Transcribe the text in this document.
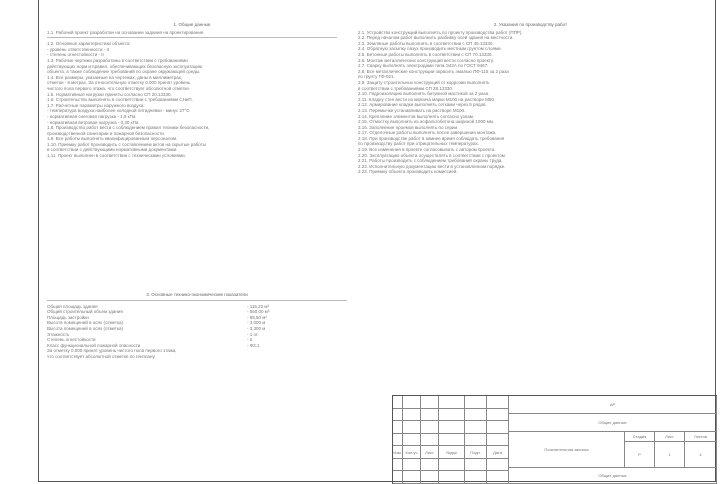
1. Общие данные
1.1. Рабочий проект разработан на основании задания на проектирование
1.2. Основные характеристики объекта:
- уровень ответственности - II
- степень огнестойкости - II
1.3. Рабочие чертежи разработаны в соответствии с требованиями
действующих норм и правил, обеспечивающих безопасную эксплуатацию
объекта, а также соблюдение требований по охране окружающей среды.
1.4. Все размеры, указанные на чертежах, даны в миллиметрах,
отметки - в метрах. За относительную отметку 0.000 принят уровень
чистого пола первого этажа, что соответствует абсолютной отметке.
1.5. Нормативные нагрузки приняты согласно СП 20.13330.
1.6. Строительство выполнять в соответствии с требованиями СНиП.
1.7. Расчетные параметры наружного воздуха:
- температура воздуха наиболее холодной пятидневки - минус 27°С
- нормативная снеговая нагрузка - 1,5 кПа
- нормативная ветровая нагрузка - 0,30 кПа
1.8. Производство работ вести с соблюдением правил техники безопасности,
производственной санитарии и пожарной безопасности.
1.9. Все работы выполнять квалифицированным персоналом.
1.10. Приемку работ производить с составлением актов на скрытые работы
в соответствии с действующими нормативными документами.
1.11. Проект выполнен в соответствии с техническими условиями.
2. Указания по производству работ
2.1. Устройство конструкций выполнять по проекту производства работ (ППР).
2.2. Перед началом работ выполнить разбивку осей здания на местности.
2.3. Земляные работы выполнять в соответствии с СП 45.13330.
2.4. Обратную засыпку пазух производить местным грунтом слоями.
2.5. Бетонные работы выполнять в соответствии с СП 70.13330.
2.6. Монтаж металлических конструкций вести согласно проекту.
2.7. Сварку выполнять электродами типа Э42А по ГОСТ 9467.
2.8. Все металлические конструкции окрасить эмалью ПФ-115 за 2 раза
по грунту ГФ-021.
2.9. Защиту строительных конструкций от коррозии выполнять
в соответствии с требованиями СП 28.13330.
2.10. Гидроизоляцию выполнять битумной мастикой за 2 раза.
2.11. Кладку стен вести из кирпича марки М100 на растворе М50.
2.12. Армирование кладки выполнять сетками через 5 рядов.
2.13. Перемычки устанавливать на растворе М100.
2.14. Крепление элементов выполнять согласно узлам.
2.15. Отмостку выполнить из асфальтобетона шириной 1000 мм.
2.16. Заполнение проемов выполнять по серии.
2.17. Отделочные работы выполнять после завершения монтажа.
2.18. При производстве работ в зимнее время соблюдать требования
по производству работ при отрицательных температурах.
2.19. Все изменения в проекте согласовывать с автором проекта.
2.20. Эксплуатацию объекта осуществлять в соответствии с проектом.
2.21. Работы производить с соблюдением требований охраны труда.
2.22. Исполнительную документацию вести в установленном порядке.
2.23. Приемку объекта производить комиссией.
3. Основные технико-экономические показатели
Общая площадь здания	- 115,22 м²
Общий строительный объем здания	- 560,00 м³
Площадь застройки	- 98,50 м²
Высота помещений в осях (отметка)	- 3,000 м
Высота помещений в осях (отметка)	- 3,300 м
Этажность	- 1 эт.
Степень огнестойкости	- II
Класс функциональной пожарной опасности	- Ф3.1
За отметку 0.000 принят уровень чистого пола первого этажа,
что соответствует абсолютной отметке по генплану.
Изм. Кол.уч	Лист	№док	Подп.	Дата
АР
Общие данные
Пояснительная записка
Стадия	Лист	Листов
Р	1	4
Общие данные
